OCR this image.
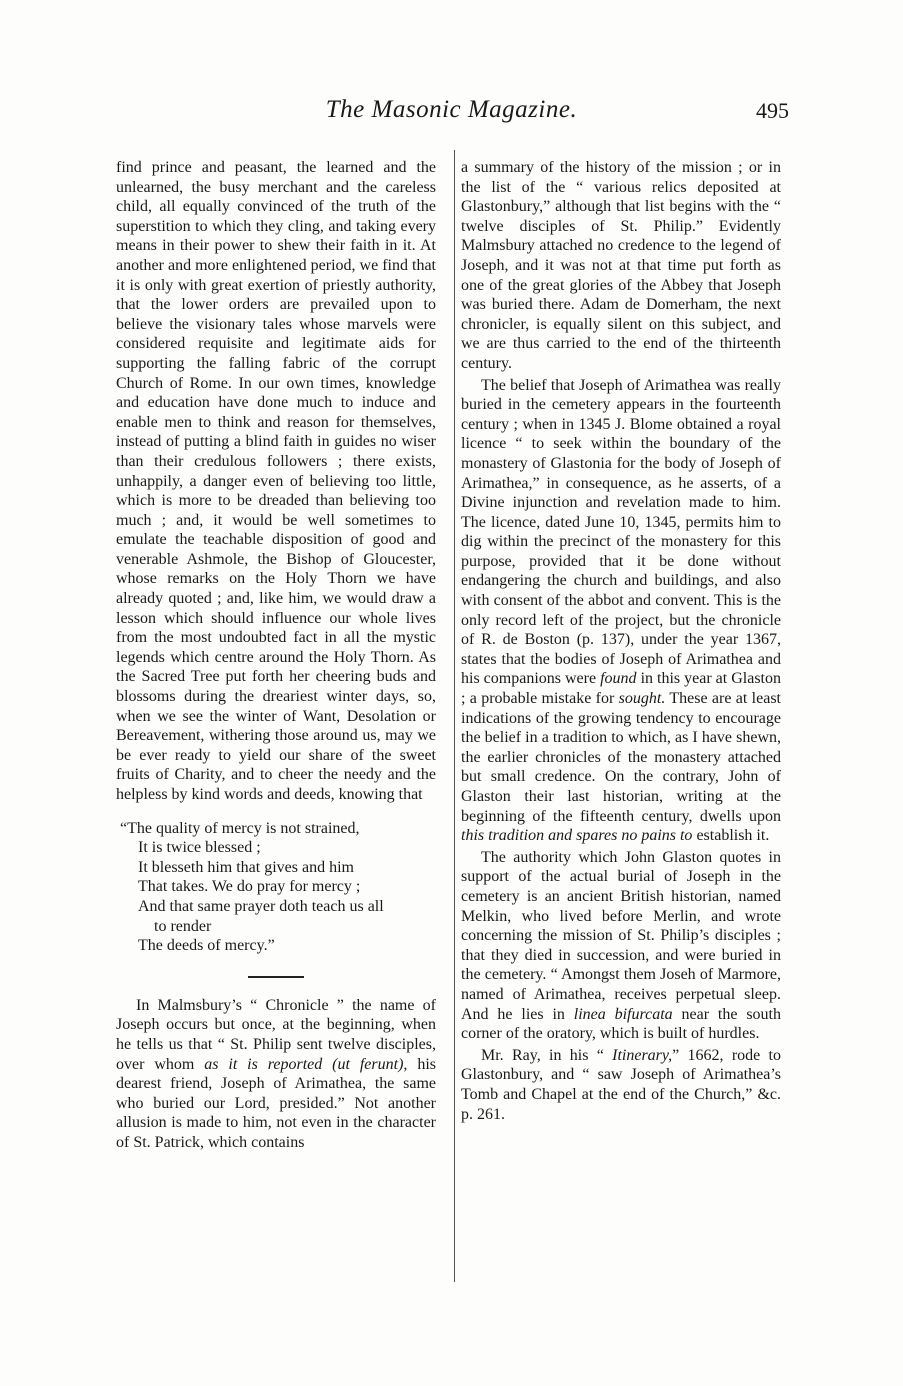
The Masonic Magazine.	495

find prince and peasant, the learned and the unlearned, the busy merchant and the careless child, all equally convinced of the truth of the superstition to which they cling, and taking every means in their power to shew their faith in it. At another and more enlightened period, we find that it is only with great exertion of priestly authority, that the lower orders are prevailed upon to believe the visionary tales whose marvels were considered requisite and legitimate aids for supporting the falling fabric of the corrupt Church of Rome. In our own times, knowledge and education have done much to induce and enable men to think and reason for themselves, instead of putting a blind faith in guides no wiser than their credulous followers ; there exists, unhappily, a danger even of believing too little, which is more to be dreaded than believing too much ; and, it would be well sometimes to emulate the teachable disposition of good and venerable Ashmole, the Bishop of Gloucester, whose remarks on the Holy Thorn we have already quoted ; and, like him, we would draw a lesson which should influence our whole lives from the most undoubted fact in all the mystic legends which centre around the Holy Thorn. As the Sacred Tree put forth her cheering buds and blossoms during the dreariest winter days, so, when we see the winter of Want, Desolation or Bereavement, withering those around us, may we be ever ready to yield our share of the sweet fruits of Charity, and to cheer the needy and the helpless by kind words and deeds, knowing that

“The quality of mercy is not strained,
It is twice blessed ;
It blesseth him that gives and him
That takes. We do pray for mercy ;
And that same prayer doth teach us all
to render
The deeds of mercy.”

In Malmsbury’s “ Chronicle ” the name of Joseph occurs but once, at the beginning, when he tells us that “ St. Philip sent twelve disciples, over whom as it is reported (ut ferunt), his dearest friend, Joseph of Arimathea, the same who buried our Lord, presided.” Not another allusion is made to him, not even in the character of St. Patrick, which contains

a summary of the history of the mission ; or in the list of the “ various relics deposited at Glastonbury,” although that list begins with the “ twelve disciples of St. Philip.” Evidently Malmsbury attached no credence to the legend of Joseph, and it was not at that time put forth as one of the great glories of the Abbey that Joseph was buried there. Adam de Domerham, the next chronicler, is equally silent on this subject, and we are thus carried to the end of the thirteenth century.

The belief that Joseph of Arimathea was really buried in the cemetery appears in the fourteenth century ; when in 1345 J. Blome obtained a royal licence “ to seek within the boundary of the monastery of Glastonia for the body of Joseph of Arimathea,” in consequence, as he asserts, of a Divine injunction and revelation made to him. The licence, dated June 10, 1345, permits him to dig within the precinct of the monastery for this purpose, provided that it be done without endangering the church and buildings, and also with consent of the abbot and convent. This is the only record left of the project, but the chronicle of R. de Boston (p. 137), under the year 1367, states that the bodies of Joseph of Arimathea and his companions were found in this year at Glaston ; a probable mistake for sought. These are at least indications of the growing tendency to encourage the belief in a tradition to which, as I have shewn, the earlier chronicles of the monastery attached but small credence. On the contrary, John of Glaston their last historian, writing at the beginning of the fifteenth century, dwells upon this tradition and spares no pains to establish it.

The authority which John Glaston quotes in support of the actual burial of Joseph in the cemetery is an ancient British historian, named Melkin, who lived before Merlin, and wrote concerning the mission of St. Philip’s disciples ; that they died in succession, and were buried in the cemetery. “ Amongst them Joseh of Marmore, named of Arimathea, receives perpetual sleep. And he lies in linea bifurcata near the south corner of the oratory, which is built of hurdles.

Mr. Ray, in his “ Itinerary,” 1662, rode to Glastonbury, and “ saw Joseph of Arimathea’s Tomb and Chapel at the end of the Church,” &c. p. 261.
